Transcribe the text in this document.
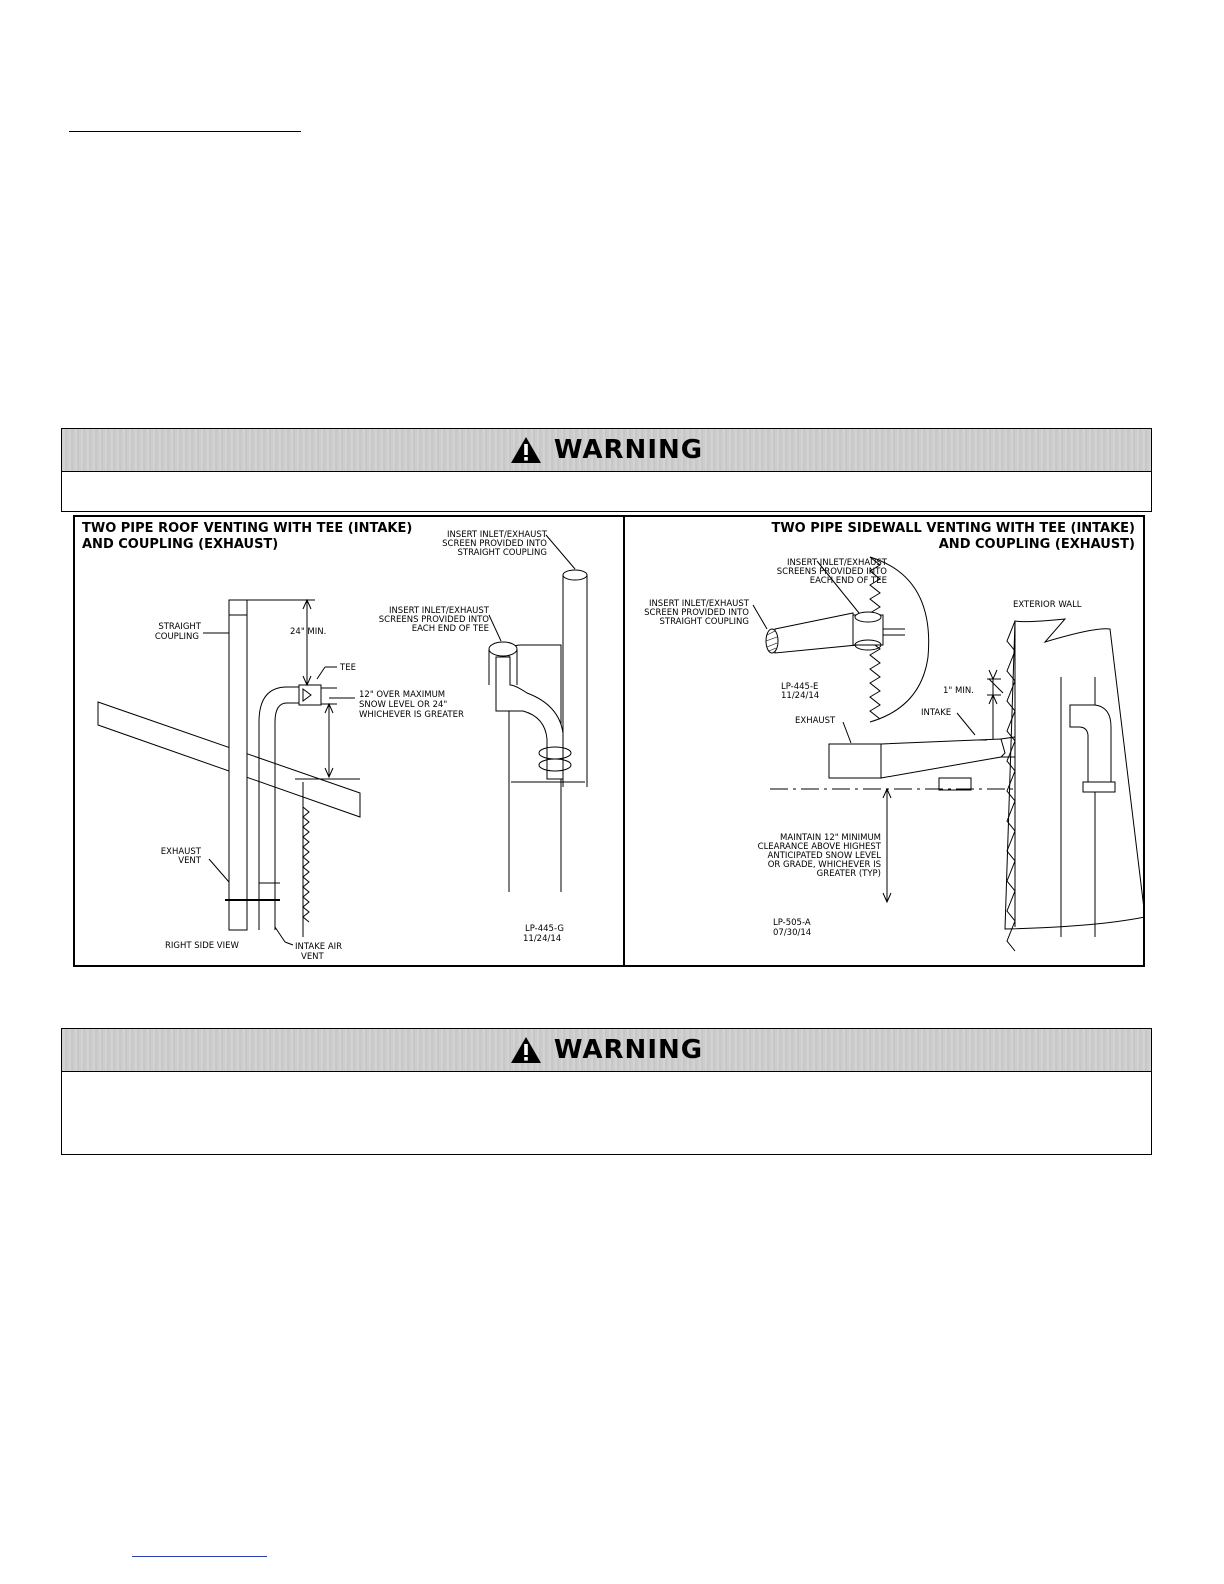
WARNING
TWO PIPE ROOF VENTING WITH TEE (INTAKE)
AND COUPLING (EXHAUST)
INSERT INLET/EXHAUST
SCREEN PROVIDED INTO
STRAIGHT COUPLING
INSERT INLET/EXHAUST
SCREENS PROVIDED INTO
EACH END OF TEE
STRAIGHT
COUPLING	24" MIN.
TEE
12" OVER MAXIMUM
SNOW LEVEL OR 24"
WHICHEVER IS GREATER
EXHAUST
VENT
RIGHT SIDE VIEW	INTAKE AIR
VENT
LP-445-G
11/24/14
TWO PIPE SIDEWALL VENTING WITH TEE (INTAKE)
AND COUPLING (EXHAUST)
INSERT INLET/EXHAUST
SCREENS PROVIDED INTO
EACH END OF TEE
INSERT INLET/EXHAUST
SCREEN PROVIDED INTO
STRAIGHT COUPLING
EXTERIOR WALL
LP-445-E
11/24/14	1" MIN.
INTAKE
EXHAUST
MAINTAIN 12" MINIMUM
CLEARANCE ABOVE HIGHEST
ANTICIPATED SNOW LEVEL
OR GRADE, WHICHEVER IS
GREATER (TYP)
LP-505-A
07/30/14
WARNING
